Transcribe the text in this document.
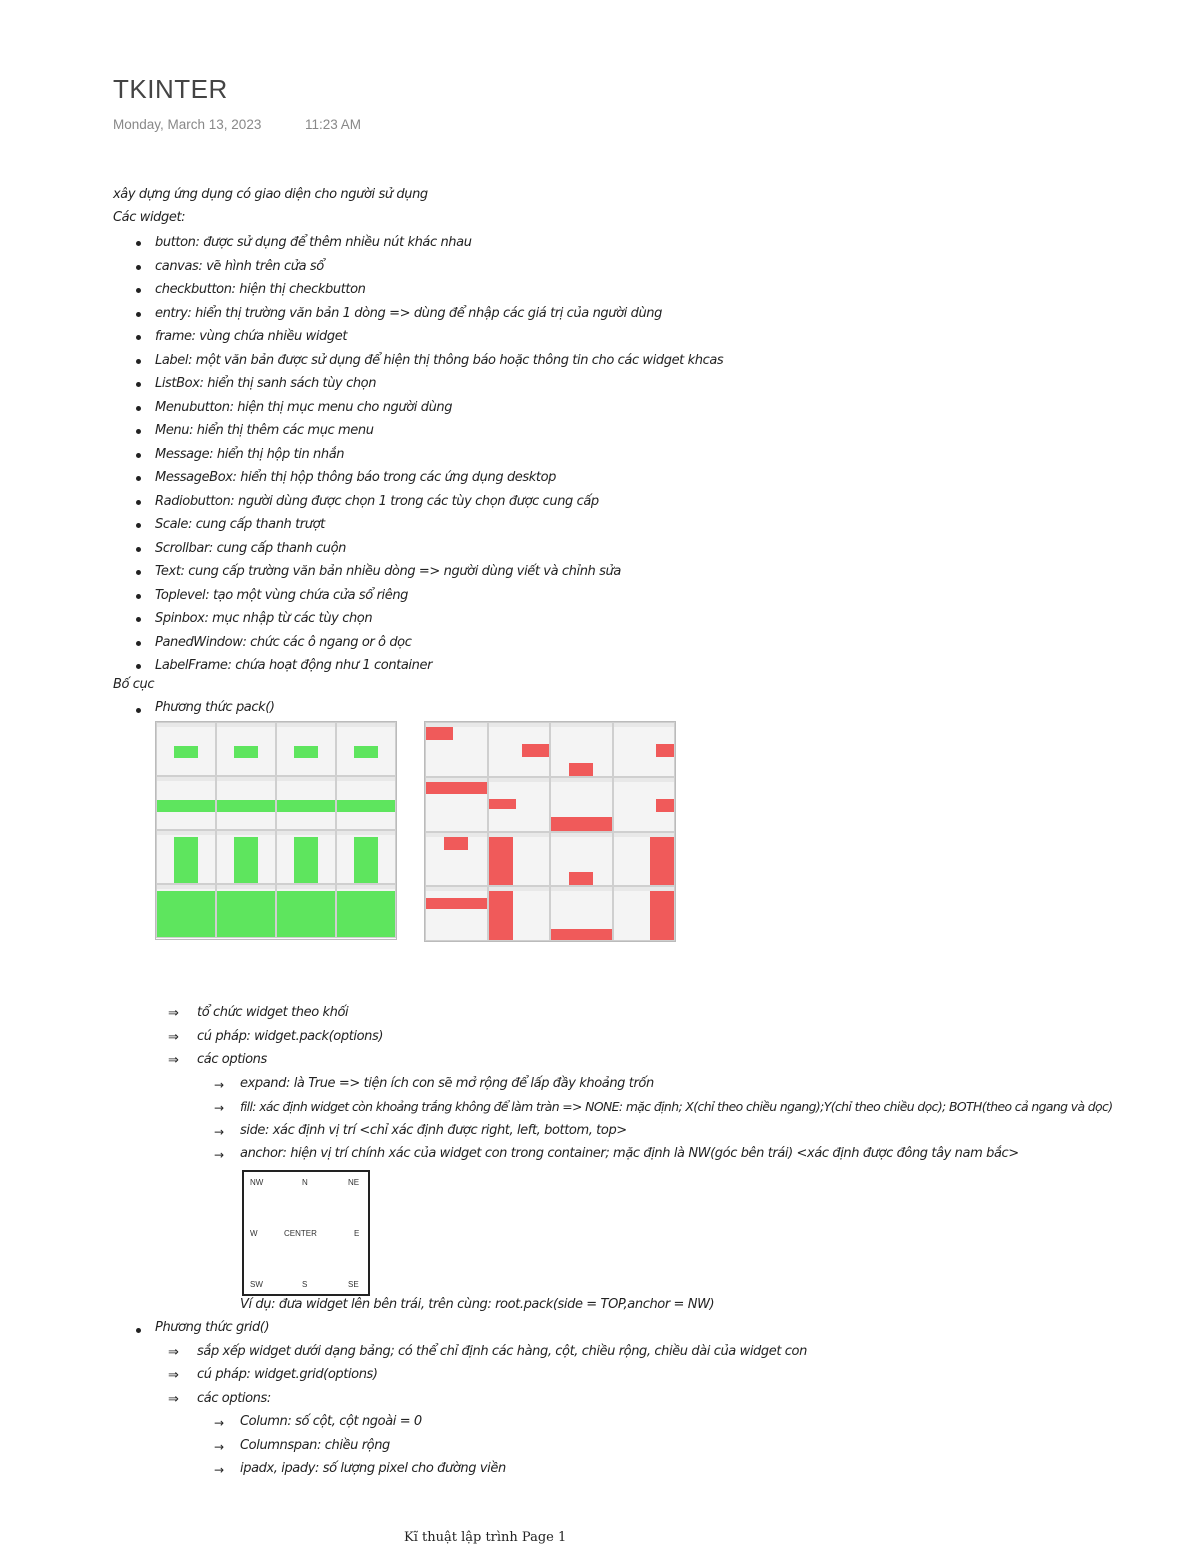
TKINTER
Monday, March 13, 2023	11:23 AM
xây dựng ứng dụng có giao diện cho người sử dụng
Các widget:
button: được sử dụng để thêm nhiều nút khác nhau
canvas: vẽ hình trên cửa sổ
checkbutton: hiện thị checkbutton
entry: hiển thị trường văn bản 1 dòng => dùng để nhập các giá trị của người dùng
frame: vùng chứa nhiều widget
Label: một văn bản được sử dụng để hiện thị thông báo hoặc thông tin cho các widget khcas
ListBox: hiển thị sanh sách tùy chọn
Menubutton: hiện thị mục menu cho người dùng
Menu: hiển thị thêm các mục menu
Message: hiển thị hộp tin nhắn
MessageBox: hiển thị hộp thông báo trong các ứng dụng desktop
Radiobutton: người dùng được chọn 1 trong các tùy chọn được cung cấp
Scale: cung cấp thanh trượt
Scrollbar: cung cấp thanh cuộn
Text: cung cấp trường văn bản nhiều dòng => người dùng viết và chỉnh sửa
Toplevel: tạo một vùng chứa cửa sổ riêng
Spinbox: mục nhập từ các tùy chọn
PanedWindow: chức các ô ngang or ô dọc
LabelFrame: chứa hoạt động như 1 container
Bố cục
Phương thức pack()
⇒ tổ chức widget theo khối
⇒ cú pháp: widget.pack(options)
⇒ các options
→ expand: là True => tiện ích con sẽ mở rộng để lấp đầy khoảng trốn
→ fill: xác định widget còn khoảng trắng không để làm tràn => NONE: mặc định; X(chỉ theo chiều ngang);Y(chỉ theo chiều dọc); BOTH(theo cả ngang và dọc)
→ side: xác định vị trí <chỉ xác định được right, left, bottom, top>
→ anchor: hiện vị trí chính xác của widget con trong container; mặc định là NW(góc bên trái) <xác định được đông tây nam bắc>
NW	N	NE
W	CENTER	E
SW	S	SE
Ví dụ: đưa widget lên bên trái, trên cùng: root.pack(side = TOP,anchor = NW)
Phương thức grid()
⇒ sắp xếp widget dưới dạng bảng; có thể chỉ định các hàng, cột, chiều rộng, chiều dài của widget con
⇒ cú pháp: widget.grid(options)
⇒ các options:
→ Column: số cột, cột ngoài = 0
→ Columnspan: chiều rộng
→ ipadx, ipady: số lượng pixel cho đường viền
Kĩ thuật lập trình Page 1
